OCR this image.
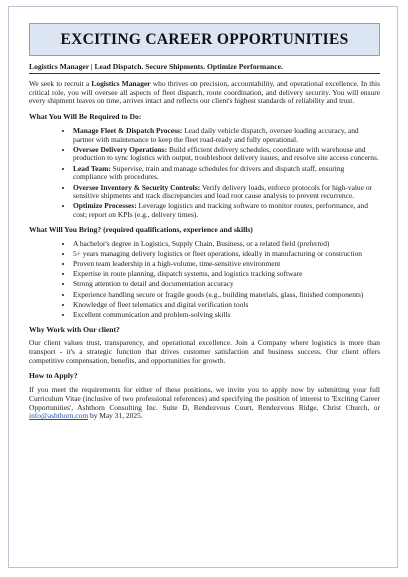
EXCITING CAREER OPPORTUNITIES
Logistics Manager | Lead Dispatch. Secure Shipments. Optimize Performance.

We seek to recruit a Logistics Manager who thrives on precision, accountability, and operational excellence. In this critical role, you will oversee all aspects of fleet dispatch, route coordination, and delivery security. You will ensure every shipment leaves on time, arrives intact and reflects our client's highest standards of reliability and trust.

What You Will Be Required to Do:
• Manage Fleet & Dispatch Process: Lead daily vehicle dispatch, oversee loading accuracy, and partner with maintenance to keep the fleet road-ready and fully operational.
• Oversee Delivery Operations: Build efficient delivery schedules, coordinate with warehouse and production to sync logistics with output, troubleshoot delivery issues, and resolve site access concerns.
• Lead Team: Supervise, train and manage schedules for drivers and dispatch staff, ensuring compliance with procedures.
• Oversee Inventory & Security Controls: Verify delivery loads, enforce protocols for high-value or sensitive shipments and track discrepancies and lead root cause analysis to prevent recurrence.
• Optimize Processes: Leverage logistics and tracking software to monitor routes, performance, and cost; report on KPIs (e.g., delivery times).
What Will You Bring? (required qualifications, experience and skills)
• A bachelor's degree in Logistics, Supply Chain, Business, or a related field (preferred)
• 5+ years managing delivery logistics or fleet operations, ideally in manufacturing or construction
• Proven team leadership in a high-volume, time-sensitive environment
• Expertise in route planning, dispatch systems, and logistics tracking software
• Strong attention to detail and documentation accuracy
• Experience handling secure or fragile goods (e.g., building materials, glass, finished components)
• Knowledge of fleet telematics and digital verification tools
• Excellent communication and problem-solving skills
Why Work with Our client?

Our client values trust, transparency, and operational excellence. Join a Company where logistics is more than transport - it's a strategic function that drives customer satisfaction and business success. Our client offers competitive compensation, benefits, and opportunities for growth.

How to Apply?

If you meet the requirements for either of these positions, we invite you to apply now by submitting your full Curriculum Vitae (inclusive of two professional references) and specifying the position of interest to 'Exciting Career Opportunities', Ashthorn Consulting Inc. Suite D, Rendezvous Court, Rendezvous Ridge, Christ Church, or info@ashthorn.com by May 31, 2025.
